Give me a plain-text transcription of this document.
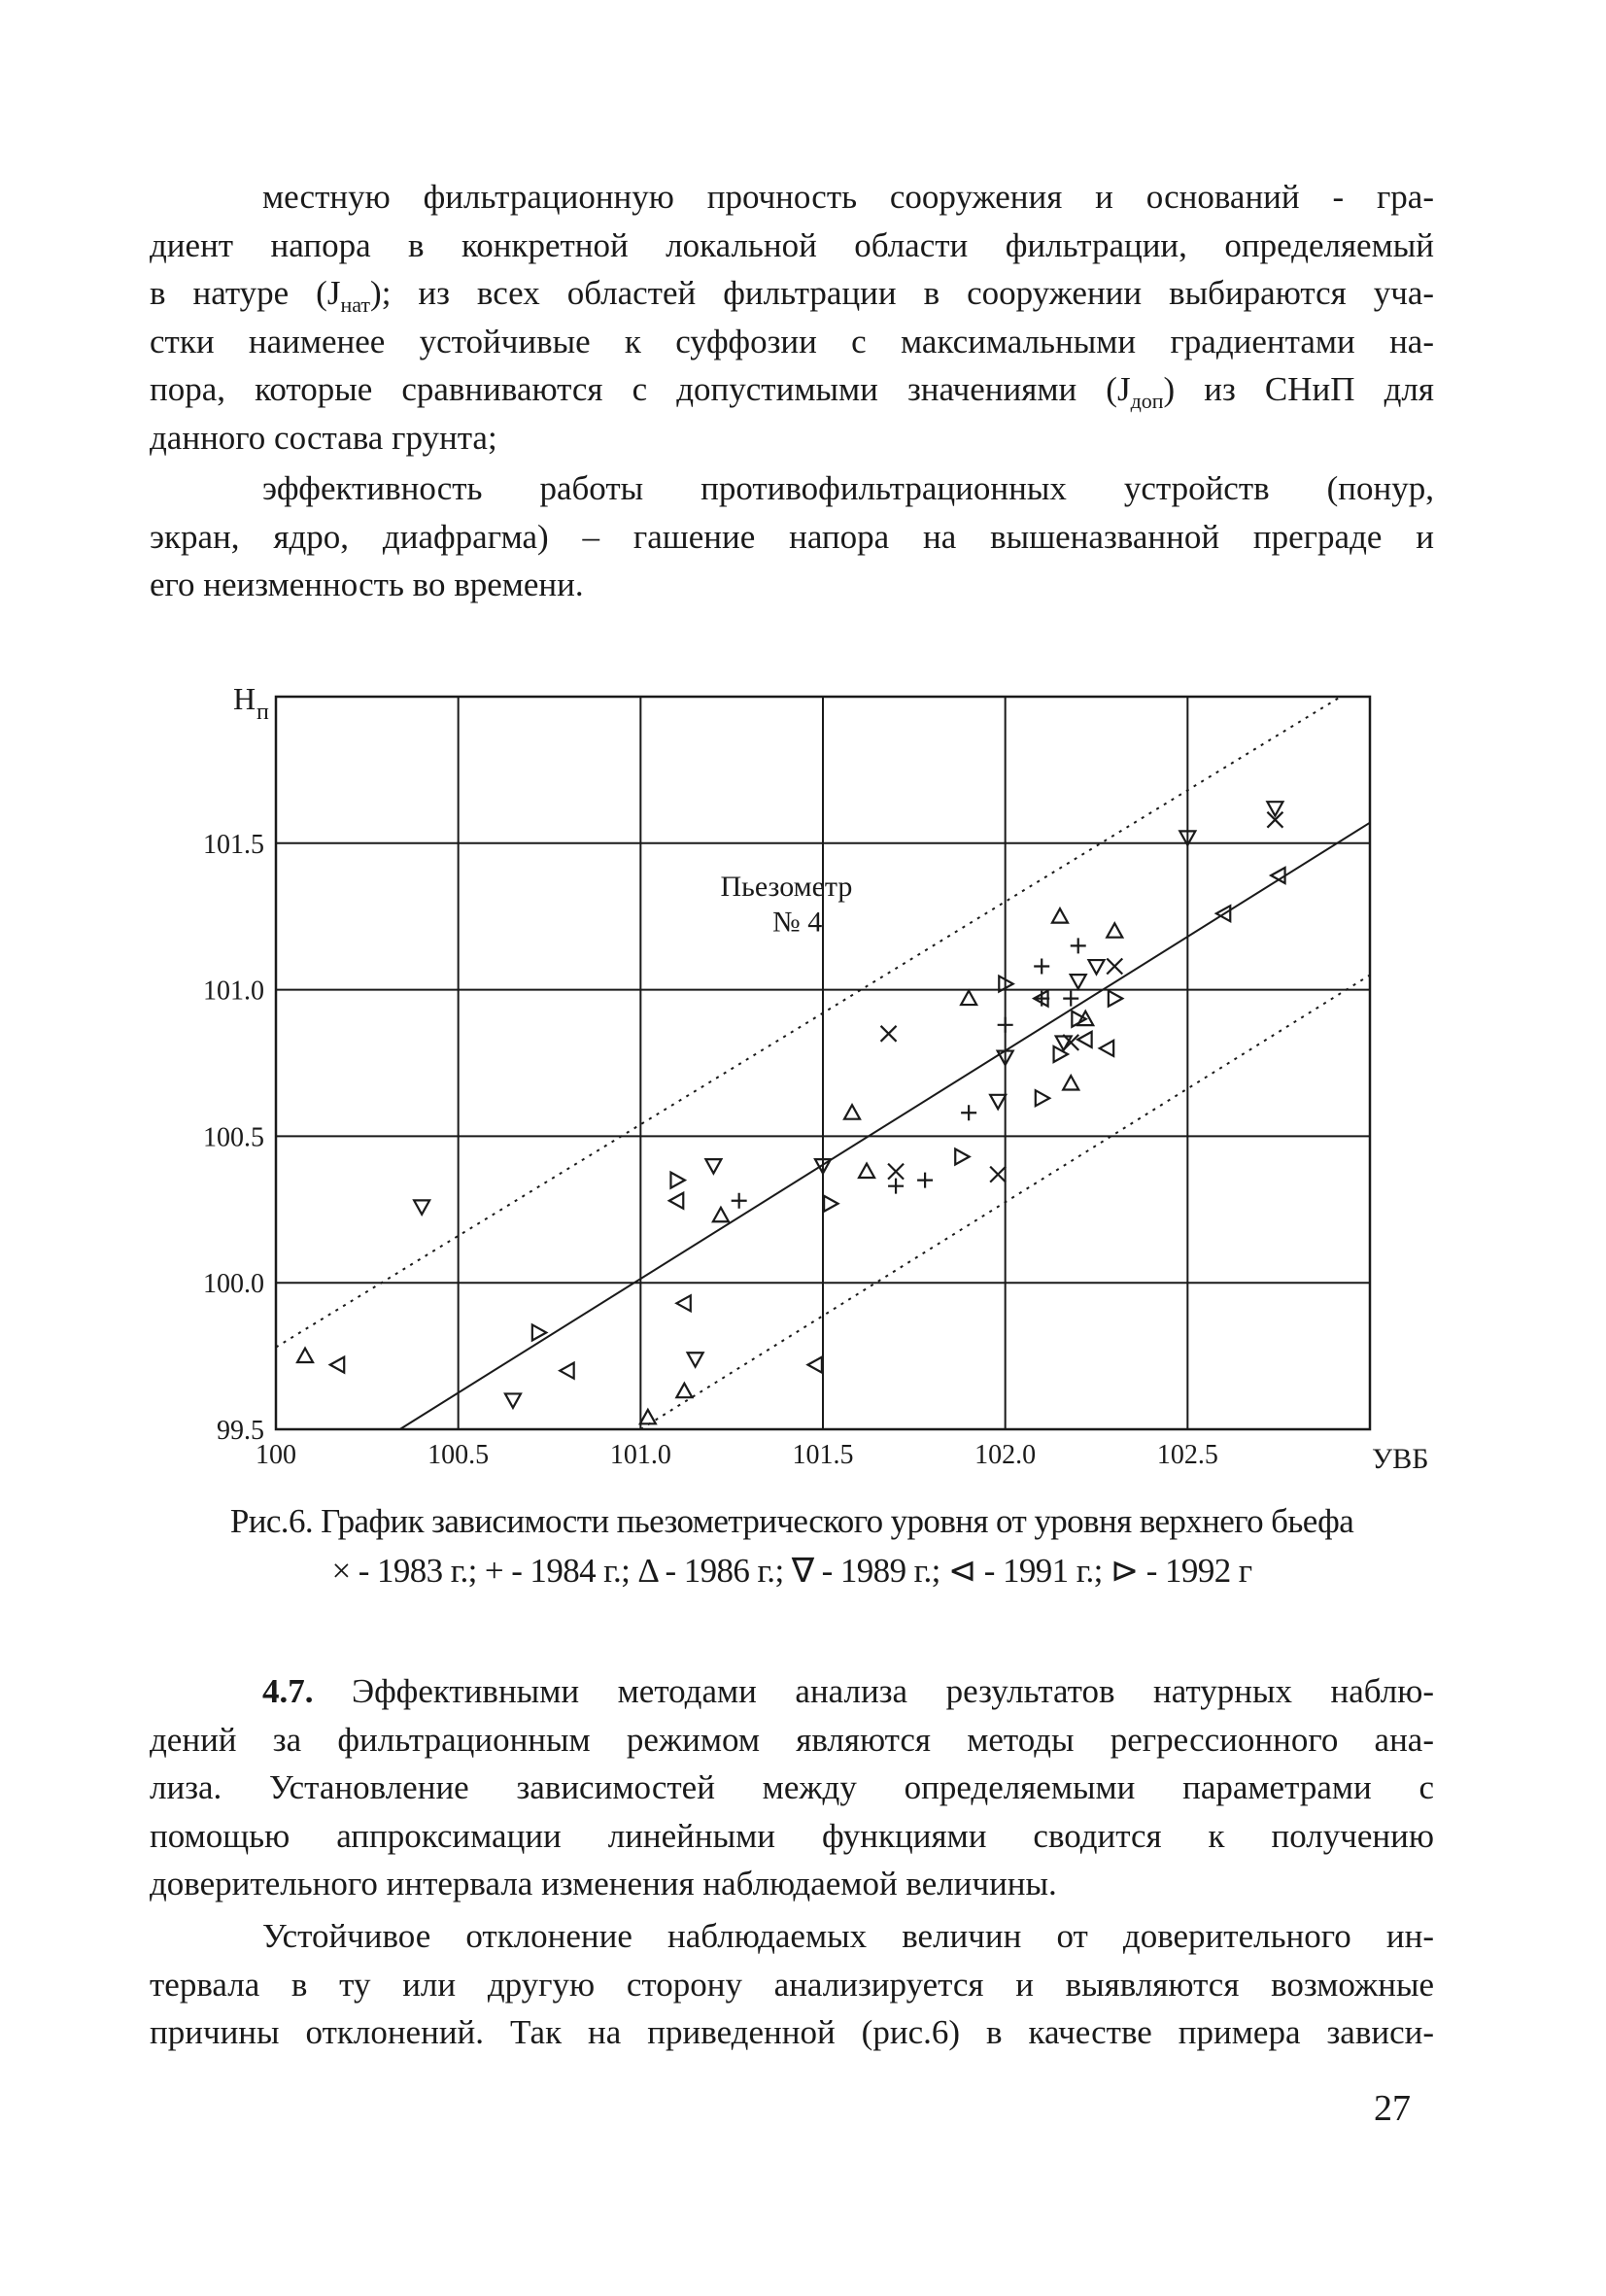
местную фильтрационную прочность сооружения и оснований - гра-
диент напора в конкретной локальной области фильтрации, определяемый
в натуре $(J_{нат})$; из всех областей фильтрации в сооружении выбираются уча-
стки наименее устойчивые к суффозии с максимальными градиентами на-
пора, которые сравниваются с допустимыми значениями $(J_{доп})$ из СНиП для
данного состава грунта;
эффективность работы противофильтрационных устройств (понур,
экран, ядро, диафрагма) – гашение напора на вышеназванной преграде и
его неизменность во времени.
100	100.5	101.0	101.5	102.0	102.5
101.5
101.0
100.5
100.0
99.5
H п
УВБ
Пьезометр
№ 4
Рис.6. График зависимости пьезометрического уровня от уровня верхнего бьефа
× - 1983 г.; + - 1984 г.; Δ - 1986 г.; ∇ - 1989 г.; ⊲ - 1991 г.; ⊳ - 1992 г
4.7. Эффективными методами анализа результатов натурных наблю-
дений за фильтрационным режимом являются методы регрессионного ана-
лиза. Установление зависимостей между определяемыми параметрами с
помощью аппроксимации линейными функциями сводится к получению
доверительного интервала изменения наблюдаемой величины.
Устойчивое отклонение наблюдаемых величин от доверительного ин-
тервала в ту или другую сторону анализируется и выявляются возможные
причины отклонений. Так на приведенной (рис.6) в качестве примера зависи-
27
